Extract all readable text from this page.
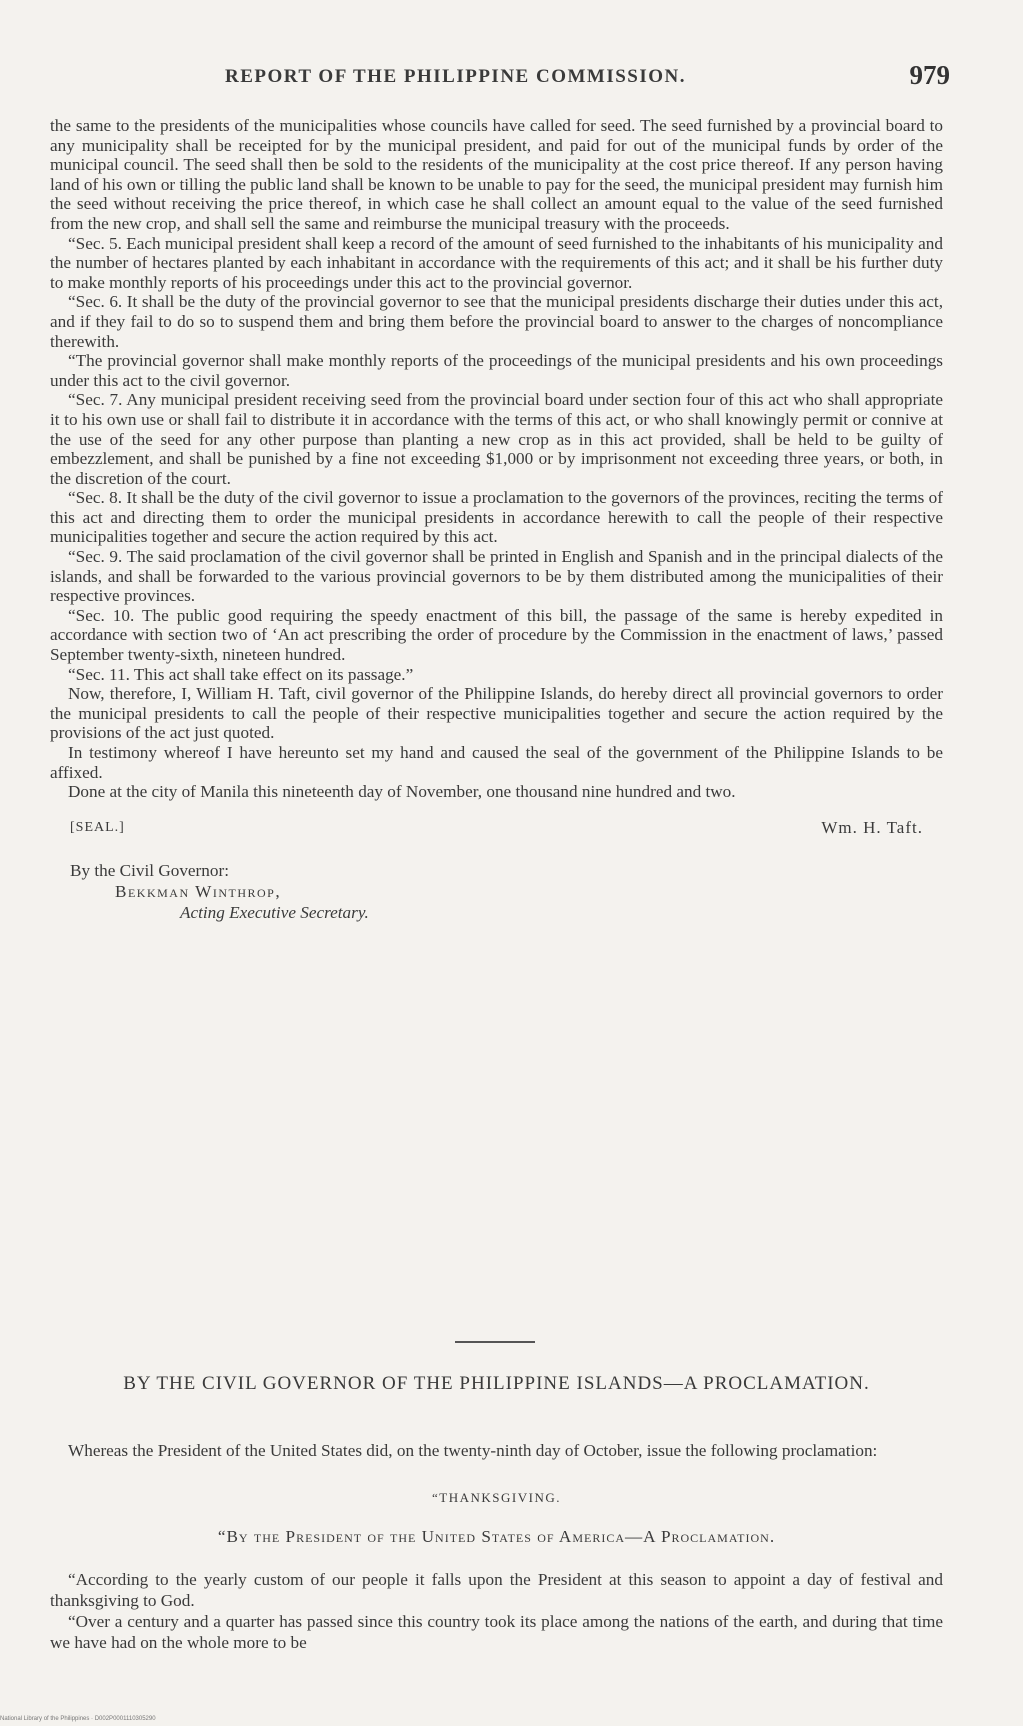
REPORT OF THE PHILIPPINE COMMISSION.	979

the same to the presidents of the municipalities whose councils have called for seed. The seed furnished by a provincial board to any municipality shall be receipted for by the municipal president, and paid for out of the municipal funds by order of the municipal council. The seed shall then be sold to the residents of the municipality at the cost price thereof. If any person having land of his own or tilling the public land shall be known to be unable to pay for the seed, the municipal president may furnish him the seed without receiving the price thereof, in which case he shall collect an amount equal to the value of the seed furnished from the new crop, and shall sell the same and reimburse the municipal treasury with the proceeds.

“Sec. 5. Each municipal president shall keep a record of the amount of seed furnished to the inhabitants of his municipality and the number of hectares planted by each inhabitant in accordance with the requirements of this act; and it shall be his further duty to make monthly reports of his proceedings under this act to the provincial governor.

“Sec. 6. It shall be the duty of the provincial governor to see that the municipal presidents discharge their duties under this act, and if they fail to do so to suspend them and bring them before the provincial board to answer to the charges of noncompliance therewith.

“The provincial governor shall make monthly reports of the proceedings of the municipal presidents and his own proceedings under this act to the civil governor.

“Sec. 7. Any municipal president receiving seed from the provincial board under section four of this act who shall appropriate it to his own use or shall fail to distribute it in accordance with the terms of this act, or who shall knowingly permit or connive at the use of the seed for any other purpose than planting a new crop as in this act provided, shall be held to be guilty of embezzlement, and shall be punished by a fine not exceeding $1,000 or by imprisonment not exceeding three years, or both, in the discretion of the court.

“Sec. 8. It shall be the duty of the civil governor to issue a proclamation to the governors of the provinces, reciting the terms of this act and directing them to order the municipal presidents in accordance herewith to call the people of their respective municipalities together and secure the action required by this act.

“Sec. 9. The said proclamation of the civil governor shall be printed in English and Spanish and in the principal dialects of the islands, and shall be forwarded to the various provincial governors to be by them distributed among the municipalities of their respective provinces.

“Sec. 10. The public good requiring the speedy enactment of this bill, the passage of the same is hereby expedited in accordance with section two of ‘An act prescribing the order of procedure by the Commission in the enactment of laws,’ passed September twenty-sixth, nineteen hundred.

“Sec. 11. This act shall take effect on its passage.”

Now, therefore, I, William H. Taft, civil governor of the Philippine Islands, do hereby direct all provincial governors to order the municipal presidents to call the people of their respective municipalities together and secure the action required by the provisions of the act just quoted.

In testimony whereof I have hereunto set my hand and caused the seal of the government of the Philippine Islands to be affixed.

Done at the city of Manila this nineteenth day of November, one thousand nine hundred and two.

[SEAL.]	Wm. H. Taft.
By the Civil Governor:
Bekkman Winthrop,
Acting Executive Secretary.
BY THE CIVIL GOVERNOR OF THE PHILIPPINE ISLANDS—A PROCLAMATION.

Whereas the President of the United States did, on the twenty-ninth day of October, issue the following proclamation:

“THANKSGIVING.

“By the President of the United States of America—A Proclamation.

“According to the yearly custom of our people it falls upon the President at this season to appoint a day of festival and thanksgiving to God.

“Over a century and a quarter has passed since this country took its place among the nations of the earth, and during that time we have had on the whole more to be

National Library of the Philippines · D002P0001110305290
